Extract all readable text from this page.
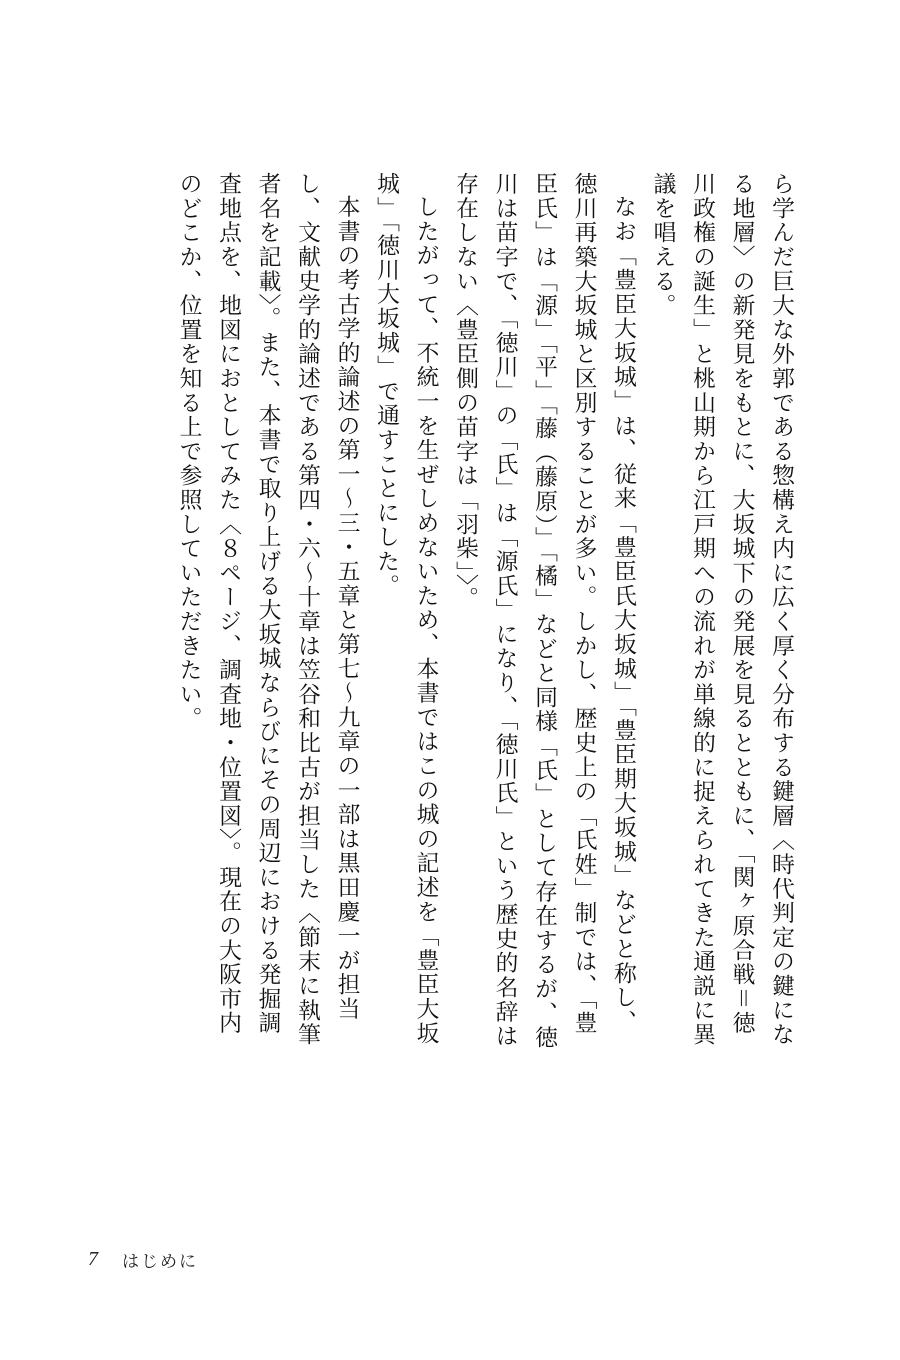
ら学んだ巨大な外郭である惣構え内に広く厚く分布する鍵層〈時代判定の鍵になる地層〉の新発見をもとに、大坂城下の発展を見るとともに、「関ヶ原合戦＝徳川政権の誕生」と桃山期から江戸期への流れが単線的に捉えられてきた通説に異議を唱える。

なお「豊臣大坂城」は、従来「豊臣氏大坂城」「豊臣期大坂城」などと称し、徳川再築大坂城と区別することが多い。しかし、歴史上の「氏姓」制では、「豊臣氏」は「源」「平」「藤（藤原）」「橘」などと同様「氏」として存在するが、徳川は苗字で、「徳川」の「氏」は「源氏」になり、「徳川氏」という歴史的名辞は存在しない〈豊臣側の苗字は「羽柴」〉。

したがって、不統一を生ぜしめないため、本書ではこの城の記述を「豊臣大坂城」「徳川大坂城」で通すことにした。

本書の考古学的論述の第一～三・五章と第七～九章の一部は黒田慶一が担当し、文献史学的論述である第四・六～十章は笠谷和比古が担当した〈節末に執筆者名を記載〉。また、本書で取り上げる大坂城ならびにその周辺における発掘調査地点を、地図におとしてみた〈８ページ、調査地・位置図〉。現在の大阪市内のどこか、位置を知る上で参照していただきたい。

7	はじめに
